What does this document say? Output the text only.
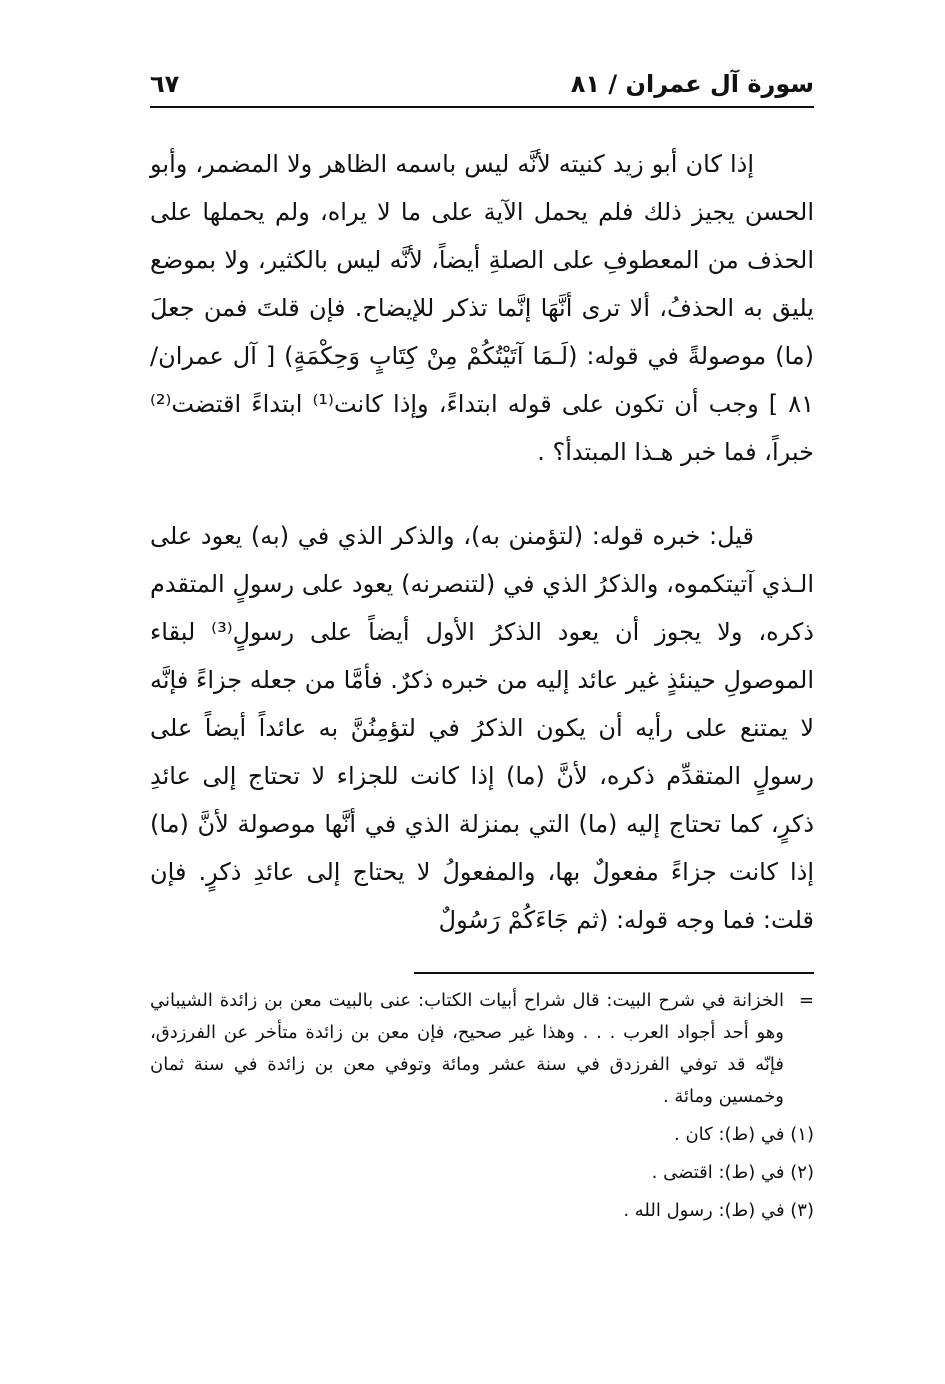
سورة آل عمران / ٨١
٦٧

إذا كان أبو زيد كنيته لأنَّه ليس باسمه الظاهر ولا المضمر، وأبو الحسن يجيز ذلك فلم يحمل الآية على ما لا يراه، ولم يحملها على الحذف من المعطوفِ على الصلةِ أيضاً، لأنَّه ليس بالكثير، ولا بموضع يليق به الحذفُ، ألا ترى أنَّهَا إنَّما تذكر للإيضاح. فإن قلتَ فمن جعلَ (ما) موصولةً في قوله: (لَـمَا آتَيْتُكُمْ مِنْ كِتَابٍ وَحِكْمَةٍ) [ آل عمران/٨١ ] وجب أن تكون على قوله ابتداءً، وإذا كانت⁽¹⁾ ابتداءً اقتضت⁽²⁾ خبراً، فما خبر هـذا المبتدأ؟ .

قيل: خبره قوله: (لتؤمنن به)، والذكر الذي في (به) يعود على الـذي آتيتكموه، والذكرُ الذي في (لتنصرنه) يعود على رسولٍ المتقدم ذكره، ولا يجوز أن يعود الذكرُ الأول أيضاً على رسولٍ⁽³⁾ لبقاء الموصولِ حينئذٍ غير عائد إليه من خبره ذكرٌ. فأمَّا من جعله جزاءً فإنَّه لا يمتنع على رأيه أن يكون الذكرُ في لتؤمِنُنَّ به عائداً أيضاً على رسولٍ المتقدِّم ذكره، لأنَّ (ما) إذا كانت للجزاء لا تحتاج إلى عائدِ ذكرٍ، كما تحتاج إليه (ما) التي بمنزلة الذي في أنَّها موصولة لأنَّ (ما) إذا كانت جزاءً مفعولٌ بها، والمفعولُ لا يحتاج إلى عائدِ ذكرٍ. فإن قلت: فما وجه قوله: (ثم جَاءَكُمْ رَسُولٌ

=
الخزانة في شرح البيت: قال شراح أبيات الكتاب: عنى بالبيت معن بن زائدة الشيباني وهو أحد أجواد العرب . . . وهذا غير صحيح، فإن معن بن زائدة متأخر عن الفرزدق، فإنّه قد توفي الفرزدق في سنة عشر ومائة وتوفي معن بن زائدة في سنة ثمان وخمسين ومائة .

(١) في (ط): كان .

(٢) في (ط): اقتضى .

(٣) في (ط): رسول الله .
